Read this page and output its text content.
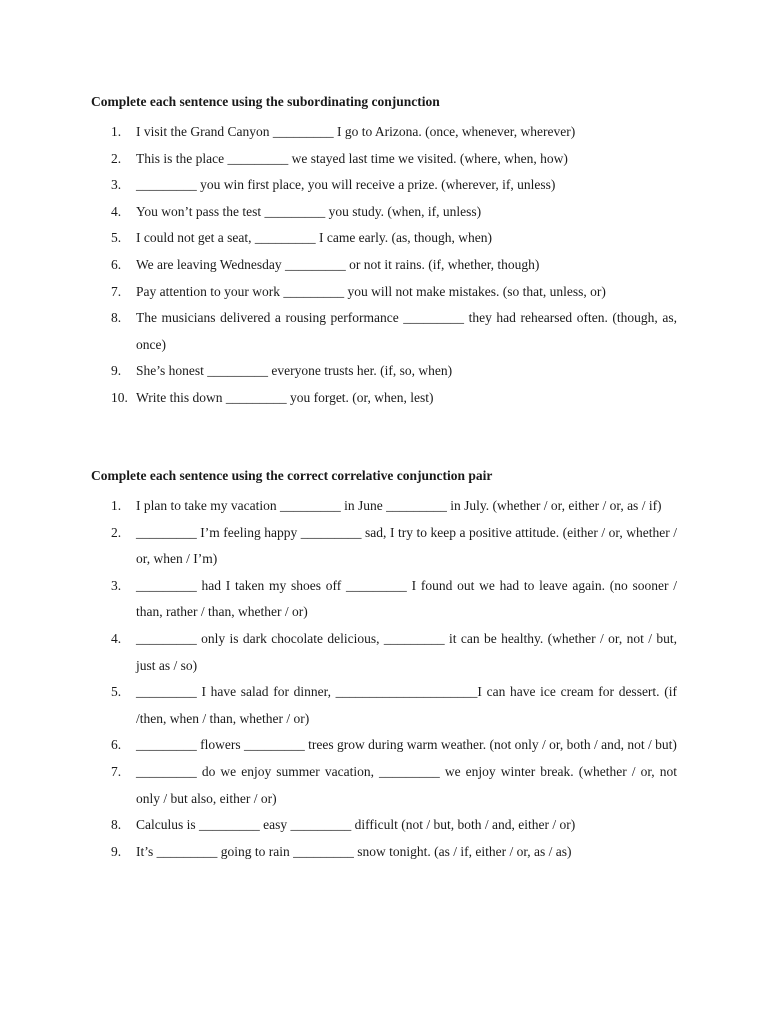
Complete each sentence using the subordinating conjunction
1. I visit the Grand Canyon _________ I go to Arizona. (once, whenever, wherever)
2. This is the place _________ we stayed last time we visited. (where, when, how)
3. _________ you win first place, you will receive a prize. (wherever, if, unless)
4. You won’t pass the test _________ you study. (when, if, unless)
5. I could not get a seat, _________ I came early. (as, though, when)
6. We are leaving Wednesday _________ or not it rains. (if, whether, though)
7. Pay attention to your work _________ you will not make mistakes. (so that, unless, or)
8. The musicians delivered a rousing performance _________ they had rehearsed often. (though, as, once)
9. She’s honest _________ everyone trusts her. (if, so, when)
10. Write this down _________ you forget. (or, when, lest)
Complete each sentence using the correct correlative conjunction pair
1. I plan to take my vacation _________ in June _________ in July. (whether / or, either / or, as / if)
2. _________ I’m feeling happy _________ sad, I try to keep a positive attitude. (either / or, whether / or, when / I’m)
3. _________ had I taken my shoes off _________ I found out we had to leave again. (no sooner / than, rather / than, whether / or)
4. _________ only is dark chocolate delicious, _________ it can be healthy. (whether / or, not / but, just as / so)
5. _________ I have salad for dinner, _____________________I can have ice cream for dessert. (if /then, when / than, whether / or)
6. _________ flowers _________ trees grow during warm weather. (not only / or, both / and, not / but)
7. _________ do we enjoy summer vacation, _________ we enjoy winter break. (whether / or, not only / but also, either / or)
8. Calculus is _________ easy _________ difficult (not / but, both / and, either / or)
9. It’s _________ going to rain _________ snow tonight. (as / if, either / or, as / as)
